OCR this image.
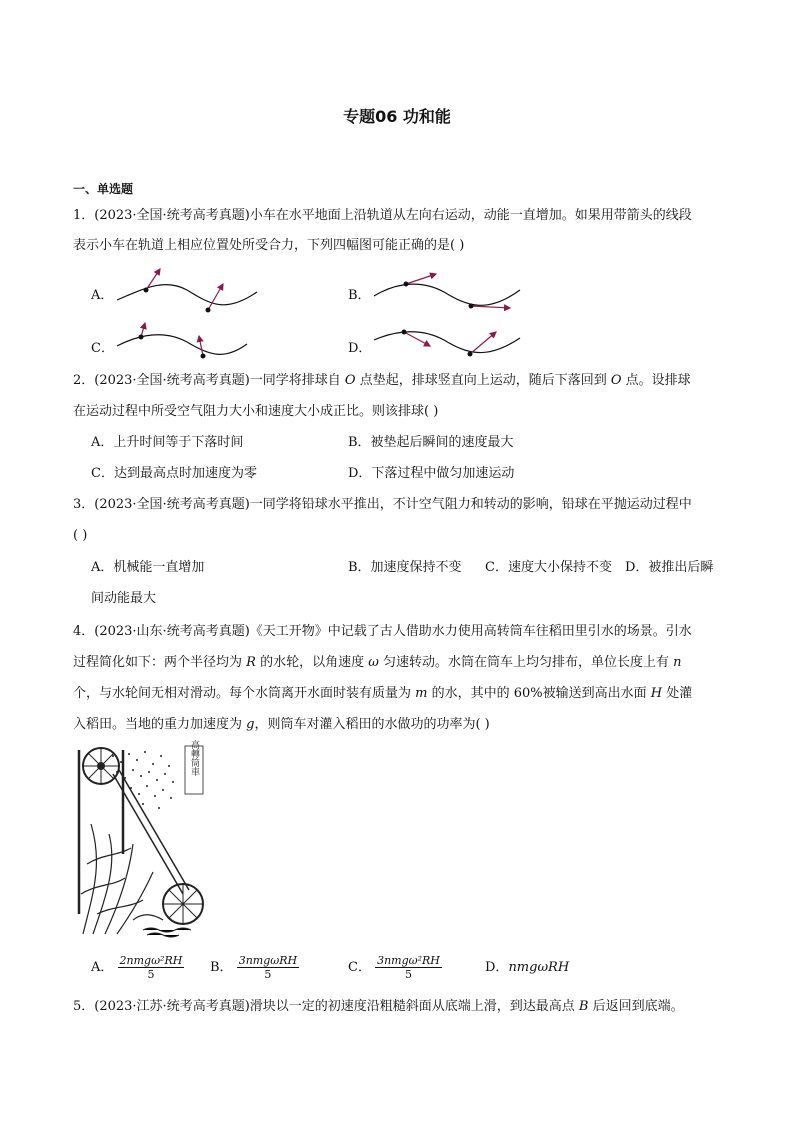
专题06 功和能
一、单选题
1．(2023·全国·统考高考真题)小车在水平地面上沿轨道从左向右运动，动能一直增加。如果用带箭头的线段
表示小车在轨道上相应位置处所受合力，下列四幅图可能正确的是( )
A．	B．
C．	D．
2．(2023·全国·统考高考真题)一同学将排球自 O 点垫起，排球竖直向上运动，随后下落回到 O 点。设排球
在运动过程中所受空气阻力大小和速度大小成正比。则该排球( )
A．上升时间等于下落时间	B．被垫起后瞬间的速度最大
C．达到最高点时加速度为零	D．下落过程中做匀加速运动
3．(2023·全国·统考高考真题)一同学将铅球水平推出，不计空气阻力和转动的影响，铅球在平抛运动过程中
( )
A．机械能一直增加	B．加速度保持不变 C．速度大小保持不变 D．被推出后瞬
间动能最大
4．(2023·山东·统考高考真题)《天工开物》中记载了古人借助水力使用高转筒车往稻田里引水的场景。引水
过程简化如下：两个半径均为 R 的水轮，以角速度 ω 匀速转动。水筒在筒车上均匀排布，单位长度上有 n
个，与水轮间无相对滑动。每个水筒离开水面时装有质量为 m 的水，其中的 60%被输送到高出水面 H 处灌
入稻田。当地的重力加速度为 g，则筒车对灌入稻田的水做功的功率为( )
高轉筒車
A． $\frac{\text{2nmgω²RH}}{5}$ B． $\frac{\text{3nmgωRH}}{5}$	C． $\frac{\text{3nmgω²RH}}{5}$	D．nmgωRH
5．(2023·江苏·统考高考真题)滑块以一定的初速度沿粗糙斜面从底端上滑，到达最高点 B 后返回到底端。
